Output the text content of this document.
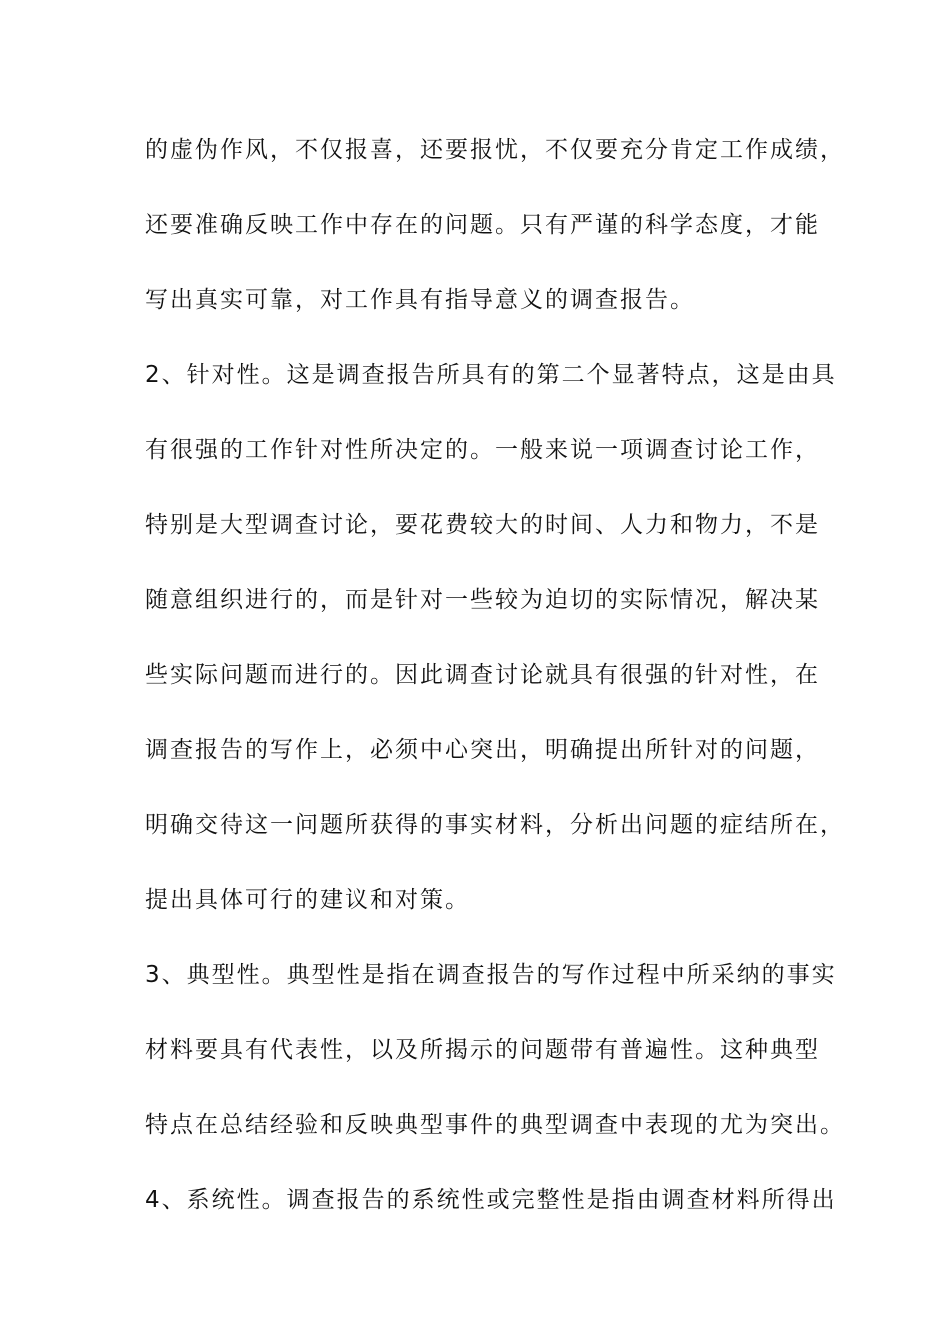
的虚伪作风，不仅报喜，还要报忧，不仅要充分肯定工作成绩，
还要准确反映工作中存在的问题。只有严谨的科学态度，才能
写出真实可靠，对工作具有指导意义的调查报告。
2、针对性。这是调查报告所具有的第二个显著特点，这是由具
有很强的工作针对性所决定的。一般来说一项调查讨论工作，
特别是大型调查讨论，要花费较大的时间、人力和物力，不是
随意组织进行的，而是针对一些较为迫切的实际情况，解决某
些实际问题而进行的。因此调查讨论就具有很强的针对性，在
调查报告的写作上，必须中心突出，明确提出所针对的问题，
明确交待这一问题所获得的事实材料，分析出问题的症结所在，
提出具体可行的建议和对策。
3、典型性。典型性是指在调查报告的写作过程中所采纳的事实
材料要具有代表性，以及所揭示的问题带有普遍性。这种典型
特点在总结经验和反映典型事件的典型调查中表现的尤为突出。
4、系统性。调查报告的系统性或完整性是指由调查材料所得出
